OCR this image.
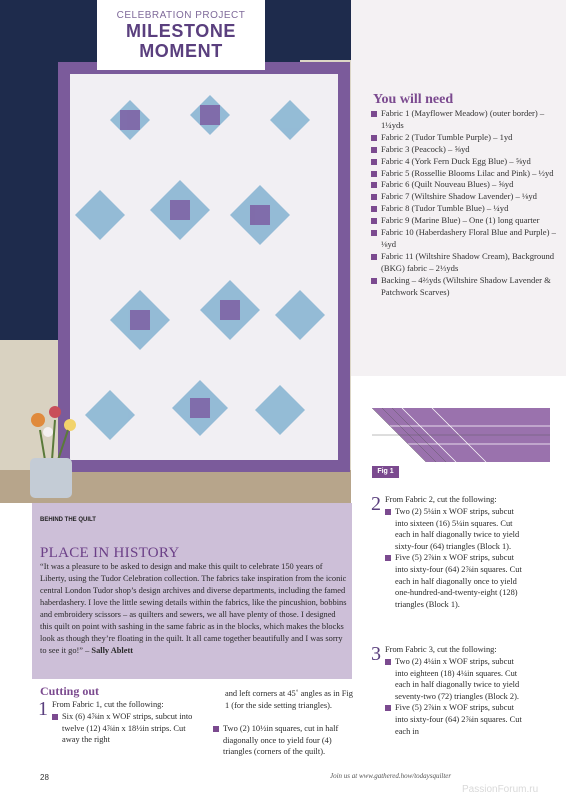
CELEBRATION PROJECT
MILESTONE
MOMENT
You will need
Fabric 1 (Mayflower Meadow) (outer border) – 1¼yds
Fabric 2 (Tudor Tumble Purple) – 1yd
Fabric 3 (Peacock) – ⅝yd
Fabric 4 (York Fern Duck Egg Blue) – ⅝yd
Fabric 5 (Rossellie Blooms Lilac and Pink) – ½yd
Fabric 6 (Quilt Nouveau Blues) – ⅝yd
Fabric 7 (Wiltshire Shadow Lavender) – ⅛yd
Fabric 8 (Tudor Tumble Blue) – ¼yd
Fabric 9 (Marine Blue) – One (1) long quarter
Fabric 10 (Haberdashery Floral Blue and Purple) – ⅛yd
Fabric 11 (Wiltshire Shadow Cream), Background (BKG) fabric – 2⅓yds
Backing – 4⅔yds (Wiltshire Shadow Lavender & Patchwork Scarves)
Fig 1
BEHIND THE QUILT
PLACE IN HISTORY

“It was a pleasure to be asked to design and make this quilt to celebrate 150 years of Liberty, using the Tudor Celebration collection. The fabrics take inspiration from the iconic central London Tudor shop’s design archives and diverse departments, including the famed haberdashery. I love the little sewing details within the fabrics, like the pincushion, bobbins and embroidery scissors – as quilters and sewers, we all have plenty of those. I designed this quilt on point with sashing in the same fabric as in the blocks, which makes the blocks look as though they’re floating in the quilt. It all came together beautifully and I was sorry to see it go!” – Sally Ablett

Cutting out
1 From Fabric 1, cut the following:
Six (6) 4⅞in x WOF strips, subcut into twelve (12) 4⅞in x 18½in strips. Cut away the right
and left corners at 45˚ angles as in Fig 1 (for the side setting triangles).
Two (2) 10½in squares, cut in half diagonally once to yield four (4) triangles (corners of the quilt).
2 From Fabric 2, cut the following:
Two (2) 5¼in x WOF strips, subcut into sixteen (16) 5¼in squares. Cut each in half diagonally twice to yield sixty-four (64) triangles (Block 1).
Five (5) 2⅞in x WOF strips, subcut into sixty-four (64) 2⅞in squares. Cut each in half diagonally once to yield one-hundred-and-twenty-eight (128) triangles (Block 1).
3 From Fabric 3, cut the following:
Two (2) 4¼in x WOF strips, subcut into eighteen (18) 4¼in squares. Cut each in half diagonally twice to yield seventy-two (72) triangles (Block 2).
Five (5) 2⅞in x WOF strips, subcut into sixty-four (64) 2⅞in squares. Cut each in
28	Join us at www.gathered.how/todaysquilter
PassionForum.ru
